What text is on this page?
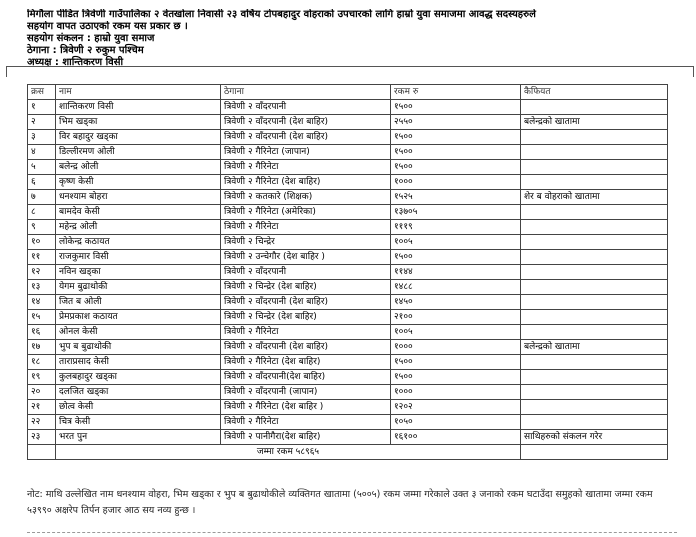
मिगौला पीडित त्रिवेणी गाउँपालिका २ वेतखोला निवासी २३ वर्षिय टोपबहादुर वोहराको उपचारको लागि हाम्रो युवा समाजमा आवद्ध सदस्यहरुले
सहयोग वापत उठाएको रकम यस प्रकार छ ।
सहयोग संकलन : हाम्रो युवा समाज
ठेगाना : त्रिवेणी २ रुकुम पश्चिम
अध्यक्ष : शान्तिकरण विसी
क्रस	नाम	ठेगाना	रकम रु	कैफियत
१	शान्तिकरण विसी	त्रिवेणी २ वाँदरपानी	१५००	
२	भिम खड्का	त्रिवेणी २ वाँदरपानी (देश बाहिर)	२५५०	बलेन्द्रको खातामा
३	विर बहादुर खड्का	त्रिवेणी २ वाँदरपानी (देश बाहिर)	१५००	
४	डिल्लीरमण ओली	त्रिवेणी २ गैरिनेटा (जापान)	१५००	
५	बलेन्द्र ओली	त्रिवेणी २ गैरिनेटा	१५००	
६	कृष्ण केसी	त्रिवेणी २ गैरिनेटा (देश बाहिर)	१०००	
७	धनश्याम बोहरा	त्रिवेणी २ कतकारे (शिक्षक)	१५२५	शेर ब वोहराको खातामा
८	बामदेव केसी	त्रिवेणी २ गैरिनेटा (अमेरिका)	१३७०५	
९	महेन्द्र ओली	त्रिवेणी २ गैरिनेटा	१११९	
१०	लोकेन्द्र कठायत	त्रिवेणी २ चिन्द्रेर	१००५	
११	राजकुमार विसी	त्रिवेणी २ उन्चेगौर (देश बाहिर )	१५००	
१२	नविन खड्का	त्रिवेणी २ वाँदरपानी	११४४	
१३	येगम बुढाथोकी	त्रिवेणी २ चिन्द्रेर (देश बाहिर)	१४८८	
१४	जित ब ओली	त्रिवेणी २ वाँदरपानी (देश बाहिर)	१४५०	
१५	प्रेमप्रकाश कठायत	त्रिवेणी २ चिन्द्रेर (देश बाहिर)	२१००	
१६	ओनल केसी	त्रिवेणी २ गैरिनेटा	१००५	
१७	भुप ब बुढाथोकी	त्रिवेणी २ वाँदरपानी (देश बाहिर)	१०००	बलेन्द्रको खातामा
१८	ताराप्रसाद केसी	त्रिवेणी २ गैरिनेटा (देश बाहिर)	१५००	
१९	कुलबहादुर खड्का	त्रिवेणी २ वाँदरपानी(देश बाहिर)	१५००	
२०	दलजित खड्का	त्रिवेणी २ वाँदरपानी (जापान)	१०००	
२१	छोत्व केसी	त्रिवेणी २ गैरिनेटा (देश बाहिर )	१२०२	
२२	चित्र केसी	त्रिवेणी २ गैरिनेटा	१०५०	
२३	भरत पुन	त्रिवेणी २ पानीगैरा(देश बाहिर)	१६१००	साथिहरुको संकलन गरेर
	जम्मा रकम ५८९६५			
नोट: माथि उल्लेखित नाम धनश्याम वोहरा, भिम खड्का र भुप ब बुढाथोकीले व्यक्तिगत खातामा (५००५) रकम जम्मा गरेकाले उक्त ३ जनाको रकम घटाउँदा समुहको खातामा जम्मा रकम ५३९९० अक्षरेप तिर्पन हजार आठ सय नव्य हुन्छ ।
